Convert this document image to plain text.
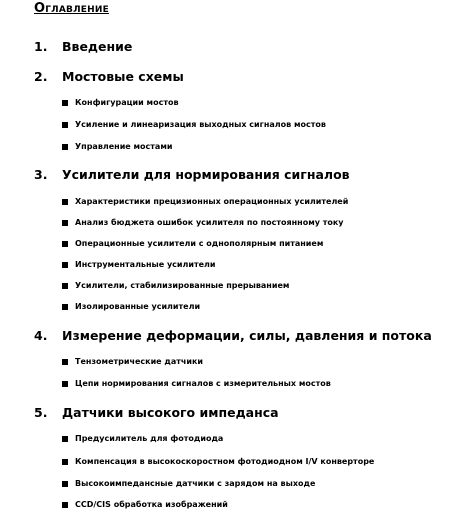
Оглавление
1. Введение
2. Мостовые схемы
Конфигурации мостов
Усиление и линеаризация выходных сигналов мостов
Управление мостами
3. Усилители для нормирования сигналов
Характеристики прецизионных операционных усилителей
Анализ бюджета ошибок усилителя по постоянному току
Операционные усилители с однополярным питанием
Инструментальные усилители
Усилители, стабилизированные прерыванием
Изолированные усилители
4. Измерение деформации, силы, давления и потока
Тензометрические датчики
Цепи нормирования сигналов с измерительных мостов
5. Датчики высокого импеданса
Предусилитель для фотодиода
Компенсация в высокоскоростном фотодиодном I/V конверторе
Высокоимпедансные датчики с зарядом на выходе
CCD/CIS обработка изображений
